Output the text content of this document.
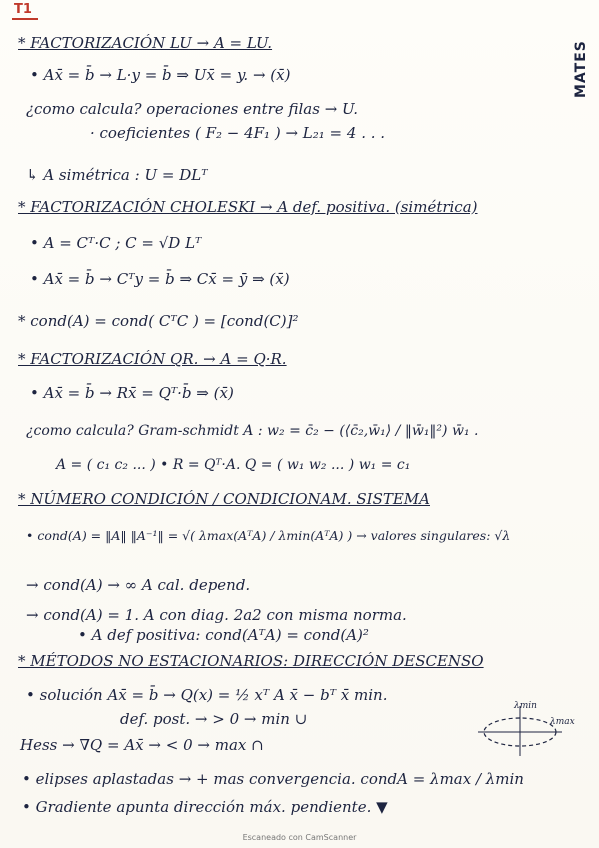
T1
MATES
* FACTORIZACIÓN LU → A = LU.
• Ax̄ = b̄ → L·y = b̄ ⇒ Ux̄ = y. → (x̄)
¿como calcula? operaciones entre filas → U.
· coeficientes ( F₂ − 4F₁ ) → L₂₁ = 4 . . .
↳ A simétrica : U = DLᵀ
* FACTORIZACIÓN CHOLESKI → A def. positiva. (simétrica)
• A = Cᵀ·C ; C = √D Lᵀ
• Ax̄ = b̄ → Cᵀy = b̄ ⇒ Cx̄ = ȳ ⇒ (x̄)
* cond(A) = cond( CᵀC ) = [cond(C)]²
* FACTORIZACIÓN QR. → A = Q·R.
• Ax̄ = b̄ → Rx̄ = Qᵀ·b̄ ⇒ (x̄)
¿como calcula? Gram-schmidt A : w₂ = c̄₂ − (⟨c̄₂,w̄₁⟩ / ‖w̄₁‖²) w̄₁ .
A = ( c₁ c₂ ... ) • R = Qᵀ·A. Q = ( w₁ w₂ ... ) w₁ = c₁
* NÚMERO CONDICIÓN / CONDICIONAM. SISTEMA
• cond(A) = ‖A‖ ‖A⁻¹‖ = √( λmax(AᵀA) / λmin(AᵀA) ) → valores singulares: √λ
→ cond(A) → ∞ A cal. depend.
→ cond(A) = 1. A con diag. 2a2 con misma norma.
• A def positiva: cond(AᵀA) = cond(A)²
* MÉTODOS NO ESTACIONARIOS: DIRECCIÓN DESCENSO
• solución Ax̄ = b̄ → Q(x) = ½ xᵀ A x̄ − bᵀ x̄ min.
def. post. → > 0 → min ∪
Hess → ∇Q = Ax̄ → < 0 → max ∩
• elipses aplastadas → + mas convergencia. condA = λmax / λmin
• Gradiente apunta dirección máx. pendiente. ▼
λmin
λmax
Escaneado con CamScanner
